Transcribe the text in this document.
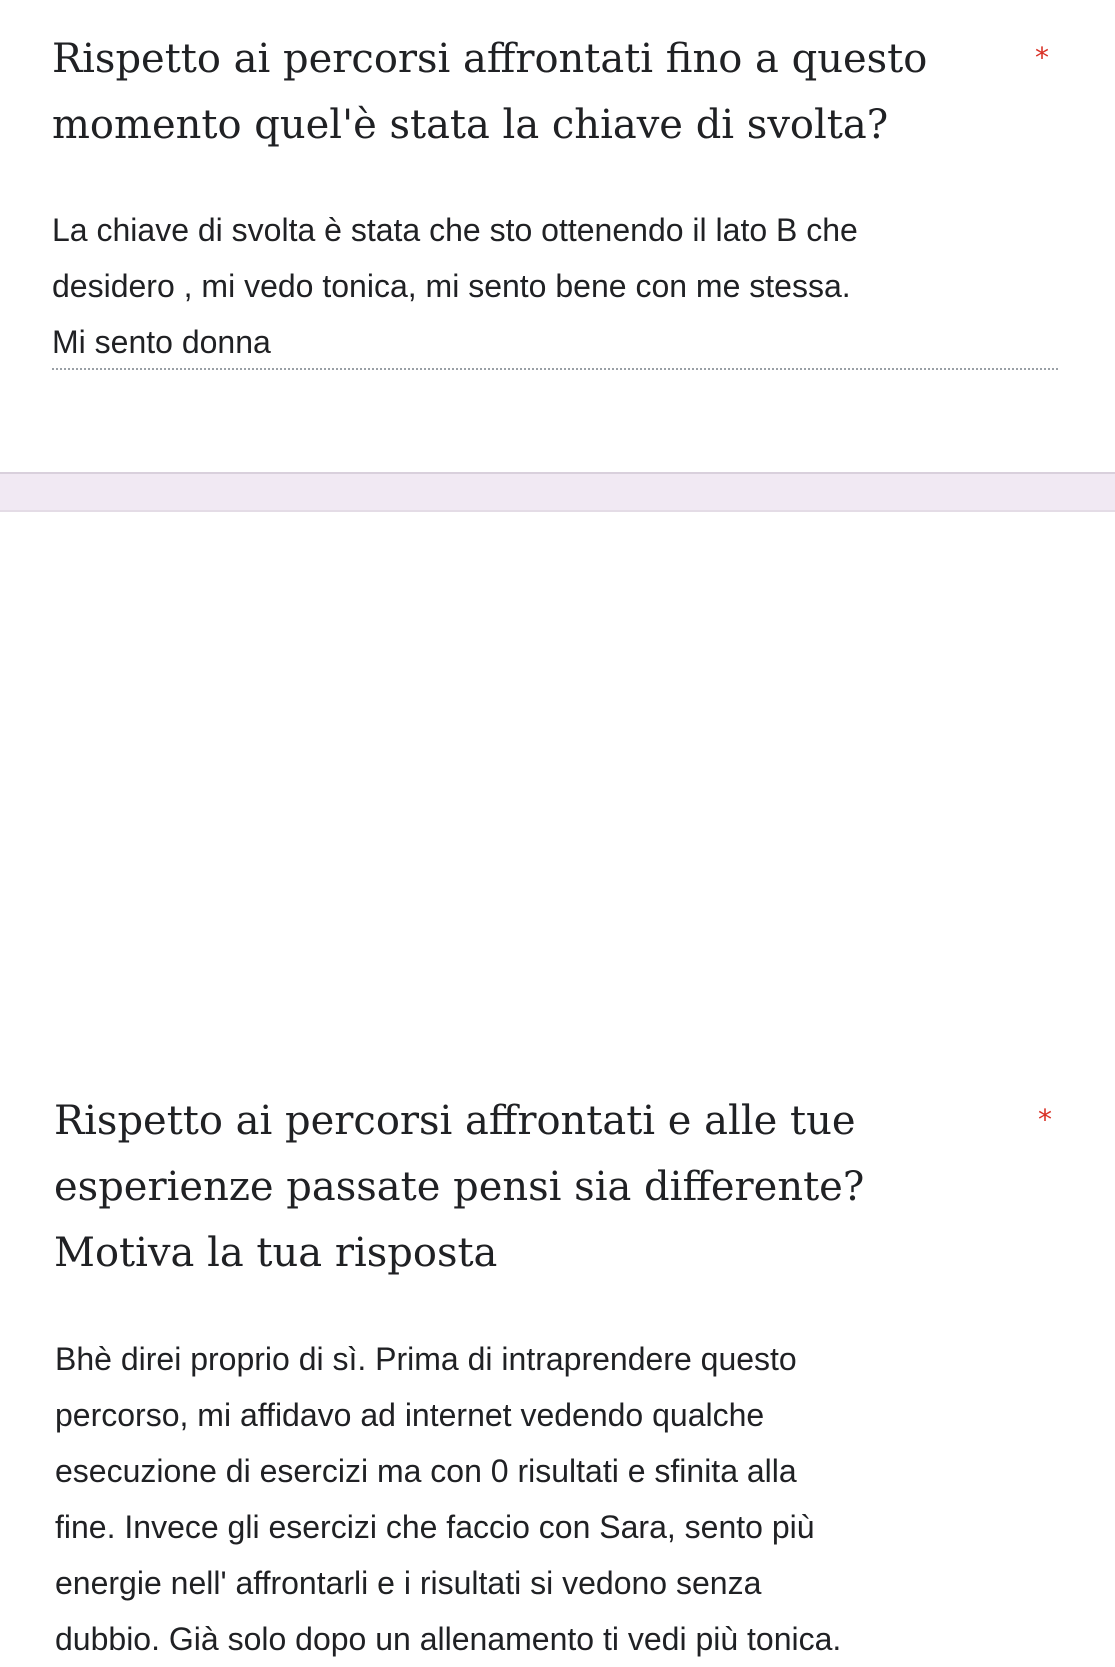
Rispetto ai percorsi affrontati fino a questo
momento quel'è stata la chiave di svolta?
*
La chiave di svolta è stata che sto ottenendo il lato B che
desidero , mi vedo tonica, mi sento bene con me stessa.
Mi sento donna
Rispetto ai percorsi affrontati e alle tue
esperienze passate pensi sia differente?
Motiva la tua risposta
*
Bhè direi proprio di sì. Prima di intraprendere questo
percorso, mi affidavo ad internet vedendo qualche
esecuzione di esercizi ma con 0 risultati e sfinita alla
fine. Invece gli esercizi che faccio con Sara, sento più
energie nell' affrontarli e i risultati si vedono senza
dubbio. Già solo dopo un allenamento ti vedi più tonica.
